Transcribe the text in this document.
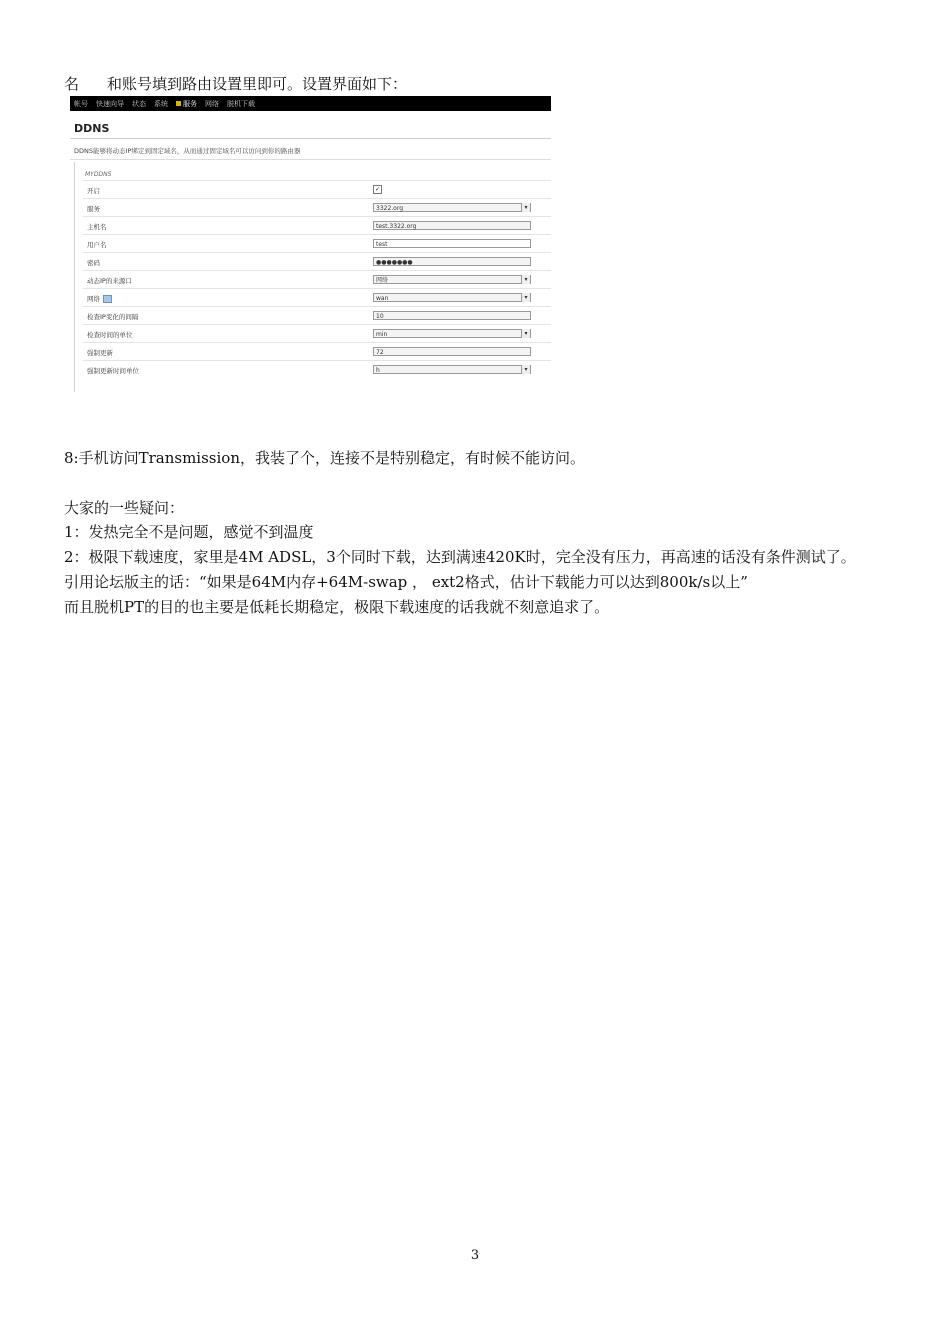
名 和账号填到路由设置里即可。设置界面如下：
帐号 快速向导 状态 系统	服务 网络 脱机下载
DDNS
DDNS能够将动态IP绑定到固定域名，从而通过固定域名可以访问到你的路由器
MYDDNS
开启	✓
服务	3322.org ▾
主机名	test.3322.org
用户名	test
密码	●●●●●●●
动态IP的来源口	网络 ▾
网络	wan ▾
检查IP变化的间隔	10
检查时间的单位	min ▾
强制更新	72
强制更新时间单位	h ▾
8:手机访问Transmission，我装了个，连接不是特别稳定，有时候不能访问。
大家的一些疑问：
1：发热完全不是问题，感觉不到温度
2：极限下载速度，家里是4M ADSL，3个同时下载，达到满速420K时，完全没有压力，再高速的话没有条件测试了。
引用论坛版主的话：“如果是64M内存+64M-swap ， ext2格式，估计下载能力可以达到800k/s以上”
而且脱机PT的目的也主要是低耗长期稳定，极限下载速度的话我就不刻意追求了。
3
